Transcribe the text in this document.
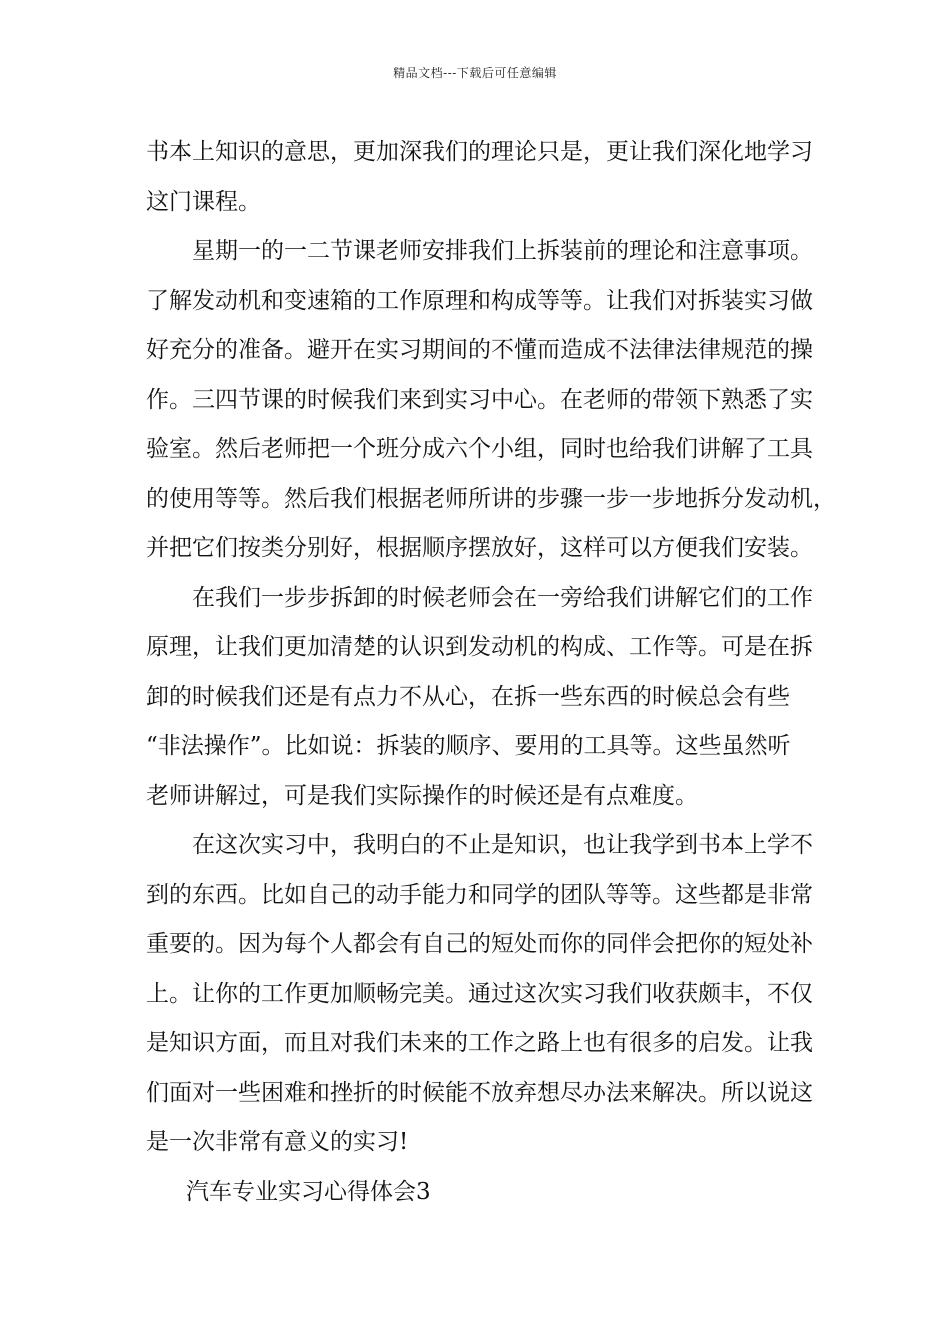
精品文档---下载后可任意编辑
书本上知识的意思，更加深我们的理论只是，更让我们深化地学习
这门课程。
星期一的一二节课老师安排我们上拆装前的理论和注意事项。
了解发动机和变速箱的工作原理和构成等等。让我们对拆装实习做
好充分的准备。避开在实习期间的不懂而造成不法律法律规范的操
作。三四节课的时候我们来到实习中心。在老师的带领下熟悉了实
验室。然后老师把一个班分成六个小组，同时也给我们讲解了工具
的使用等等。然后我们根据老师所讲的步骤一步一步地拆分发动机，
并把它们按类分别好，根据顺序摆放好，这样可以方便我们安装。
在我们一步步拆卸的时候老师会在一旁给我们讲解它们的工作
原理，让我们更加清楚的认识到发动机的构成、工作等。可是在拆
卸的时候我们还是有点力不从心，在拆一些东西的时候总会有些
“非法操作”。比如说：拆装的顺序、要用的工具等。这些虽然听
老师讲解过，可是我们实际操作的时候还是有点难度。
在这次实习中，我明白的不止是知识，也让我学到书本上学不
到的东西。比如自己的动手能力和同学的团队等等。这些都是非常
重要的。因为每个人都会有自己的短处而你的同伴会把你的短处补
上。让你的工作更加顺畅完美。通过这次实习我们收获颇丰，不仅
是知识方面，而且对我们未来的工作之路上也有很多的启发。让我
们面对一些困难和挫折的时候能不放弃想尽办法来解决。所以说这
是一次非常有意义的实习!
汽车专业实习心得体会3
